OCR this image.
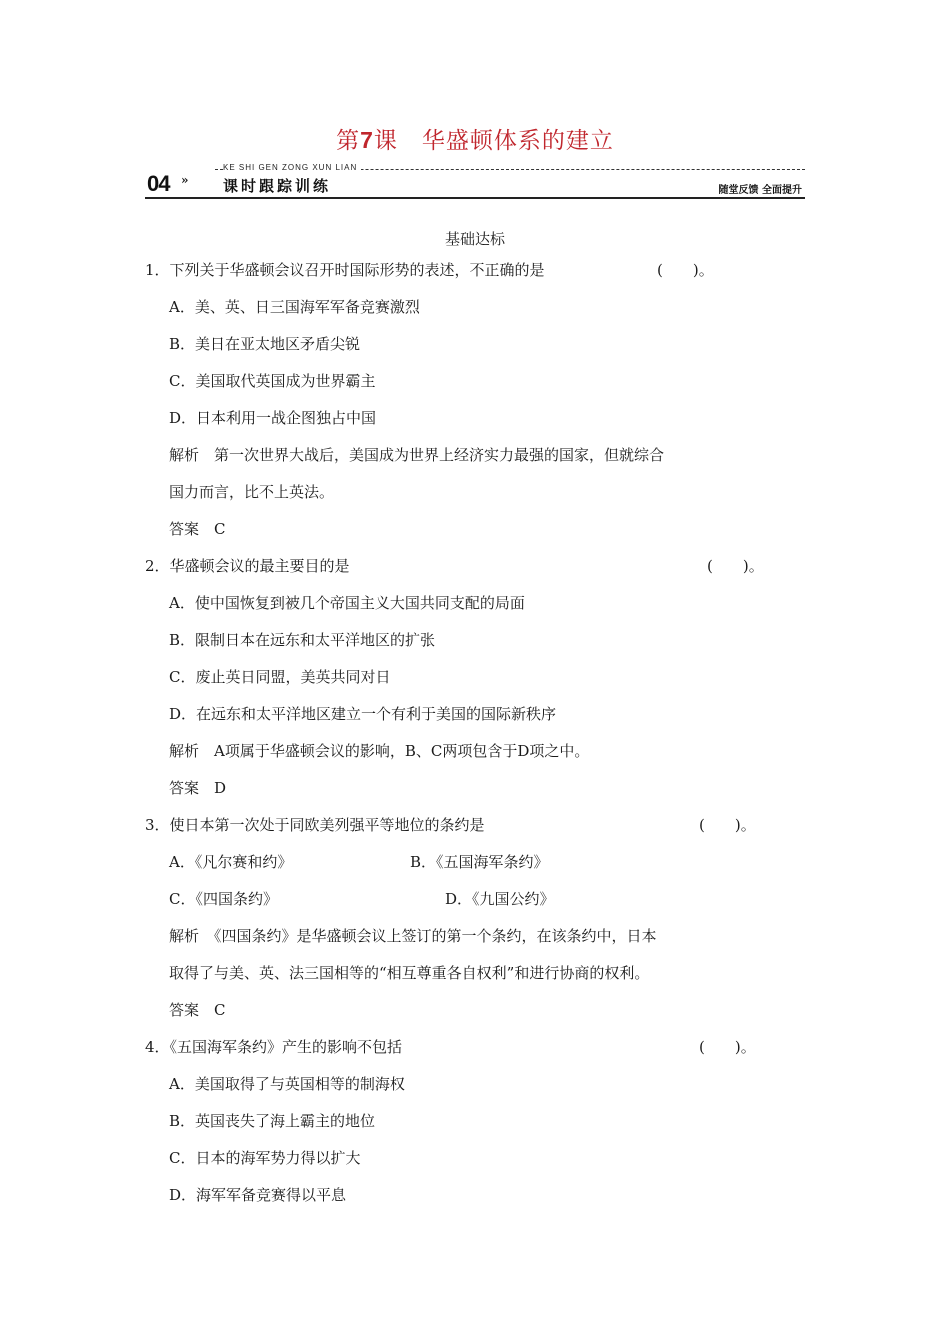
第7课　 华盛顿体系的建立
KE SHI GEN ZONG XUN LIAN
04 » 课时跟踪训练	随堂反馈 全面提升
基础达标
1．下列关于华盛顿会议召开时国际形势的表述，不正确的是	(　　)。
A．美、英、日三国海军军备竞赛激烈
B．美日在亚太地区矛盾尖锐
C．美国取代英国成为世界霸主
D．日本利用一战企图独占中国
解析　第一次世界大战后，美国成为世界上经济实力最强的国家，但就综合
国力而言，比不上英法。
答案　C
2．华盛顿会议的最主要目的是	(　　)。
A．使中国恢复到被几个帝国主义大国共同支配的局面
B．限制日本在远东和太平洋地区的扩张
C．废止英日同盟，美英共同对日
D．在远东和太平洋地区建立一个有利于美国的国际新秩序
解析　A项属于华盛顿会议的影响，B、C两项包含于D项之中。
答案　D
3．使日本第一次处于同欧美列强平等地位的条约是	(　　)。
A．《凡尔赛和约》	B．《五国海军条约》
C．《四国条约》	D．《九国公约》
解析　《四国条约》是华盛顿会议上签订的第一个条约，在该条约中，日本
取得了与美、英、法三国相等的“相互尊重各自权利”和进行协商的权利。
答案　C
4．《五国海军条约》产生的影响不包括	(　　)。
A．美国取得了与英国相等的制海权
B．英国丧失了海上霸主的地位
C．日本的海军势力得以扩大
D．海军军备竞赛得以平息
